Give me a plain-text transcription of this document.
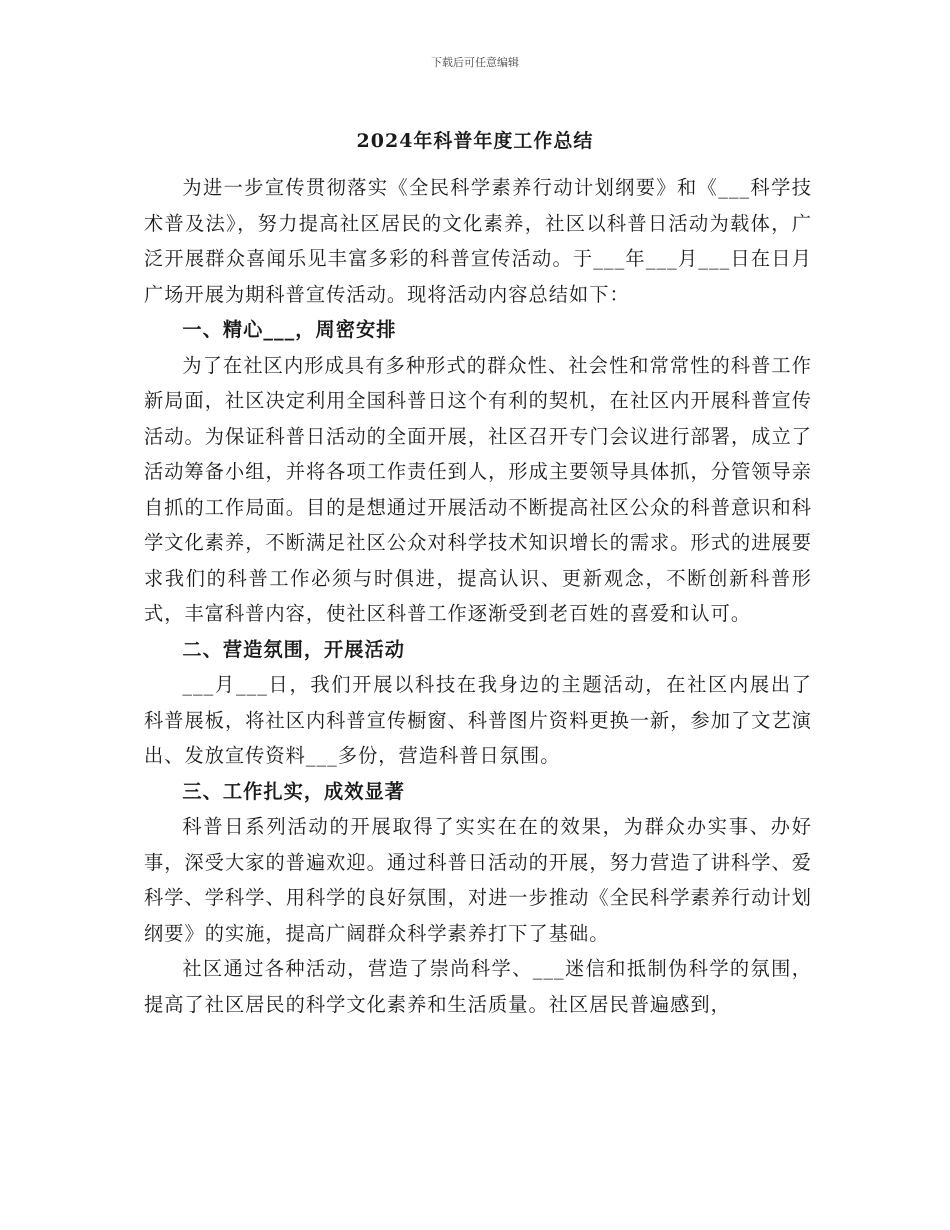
下载后可任意编辑
2024年科普年度工作总结

为进一步宣传贯彻落实《全民科学素养行动计划纲要》和《___科学技术普及法》，努力提高社区居民的文化素养，社区以科普日活动为载体，广泛开展群众喜闻乐见丰富多彩的科普宣传活动。于___年___月___日在日月广场开展为期科普宣传活动。现将活动内容总结如下：

一、精心___，周密安排

为了在社区内形成具有多种形式的群众性、社会性和常常性的科普工作新局面，社区决定利用全国科普日这个有利的契机，在社区内开展科普宣传活动。为保证科普日活动的全面开展，社区召开专门会议进行部署，成立了活动筹备小组，并将各项工作责任到人，形成主要领导具体抓，分管领导亲自抓的工作局面。目的是想通过开展活动不断提高社区公众的科普意识和科学文化素养，不断满足社区公众对科学技术知识增长的需求。形式的进展要求我们的科普工作必须与时俱进，提高认识、更新观念，不断创新科普形式，丰富科普内容，使社区科普工作逐渐受到老百姓的喜爱和认可。

二、营造氛围，开展活动

___月___日，我们开展以科技在我身边的主题活动，在社区内展出了科普展板，将社区内科普宣传橱窗、科普图片资料更换一新，参加了文艺演出、发放宣传资料___多份，营造科普日氛围。

三、工作扎实，成效显著

科普日系列活动的开展取得了实实在在的效果，为群众办实事、办好事，深受大家的普遍欢迎。通过科普日活动的开展，努力营造了讲科学、爱科学、学科学、用科学的良好氛围，对进一步推动《全民科学素养行动计划纲要》的实施，提高广阔群众科学素养打下了基础。

社区通过各种活动，营造了崇尚科学、___迷信和抵制伪科学的氛围，提高了社区居民的科学文化素养和生活质量。社区居民普遍感到，
